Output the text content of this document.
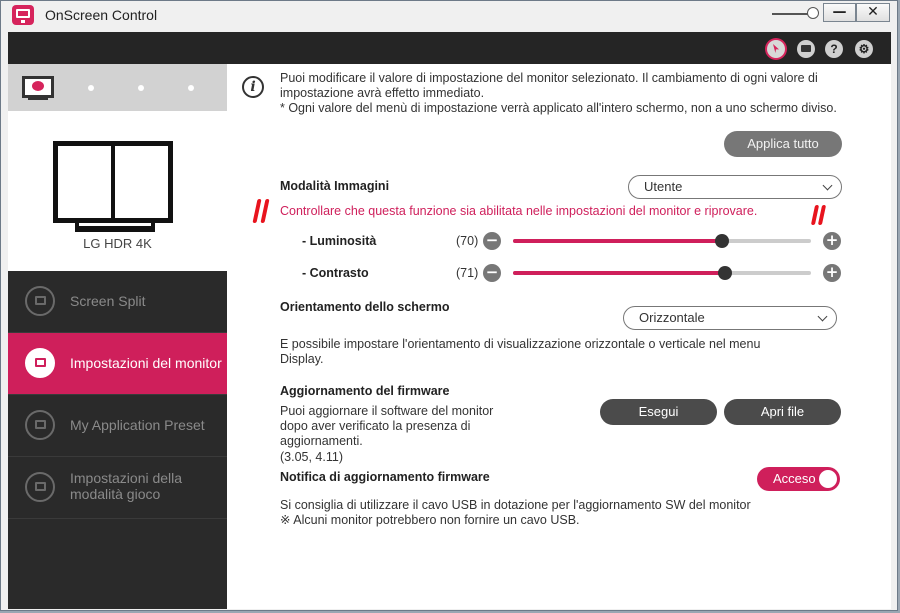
OnScreen Control	—	✕
?	⚙
LG HDR 4K
Screen Split
Impostazioni del monitor
My Application Preset
Impostazioni della modalità gioco
i
Puoi modificare il valore di impostazione del monitor selezionato. Il cambiamento di ogni valore di
impostazione avrà effetto immediato.
* Ogni valore del menù di impostazione verrà applicato all'intero schermo, non a uno schermo diviso.
Applica tutto
Modalità Immagini	Utente
Controllare che questa funzione sia abilitata nelle impostazioni del monitor e riprovare.
- Luminosità	(70) −	+
- Contrasto	(71) −	+
Orientamento dello schermo
Orizzontale
E possibile impostare l'orientamento di visualizzazione orizzontale o verticale nel menu
Display.
Aggiornamento del firmware
Puoi aggiornare il software del monitor
dopo aver verificato la presenza di
aggiornamenti.
(3.05, 4.11)
Esegui	Apri file
Notifica di aggiornamento firmware	Acceso
Si consiglia di utilizzare il cavo USB in dotazione per l'aggiornamento SW del monitor
※ Alcuni monitor potrebbero non fornire un cavo USB.
